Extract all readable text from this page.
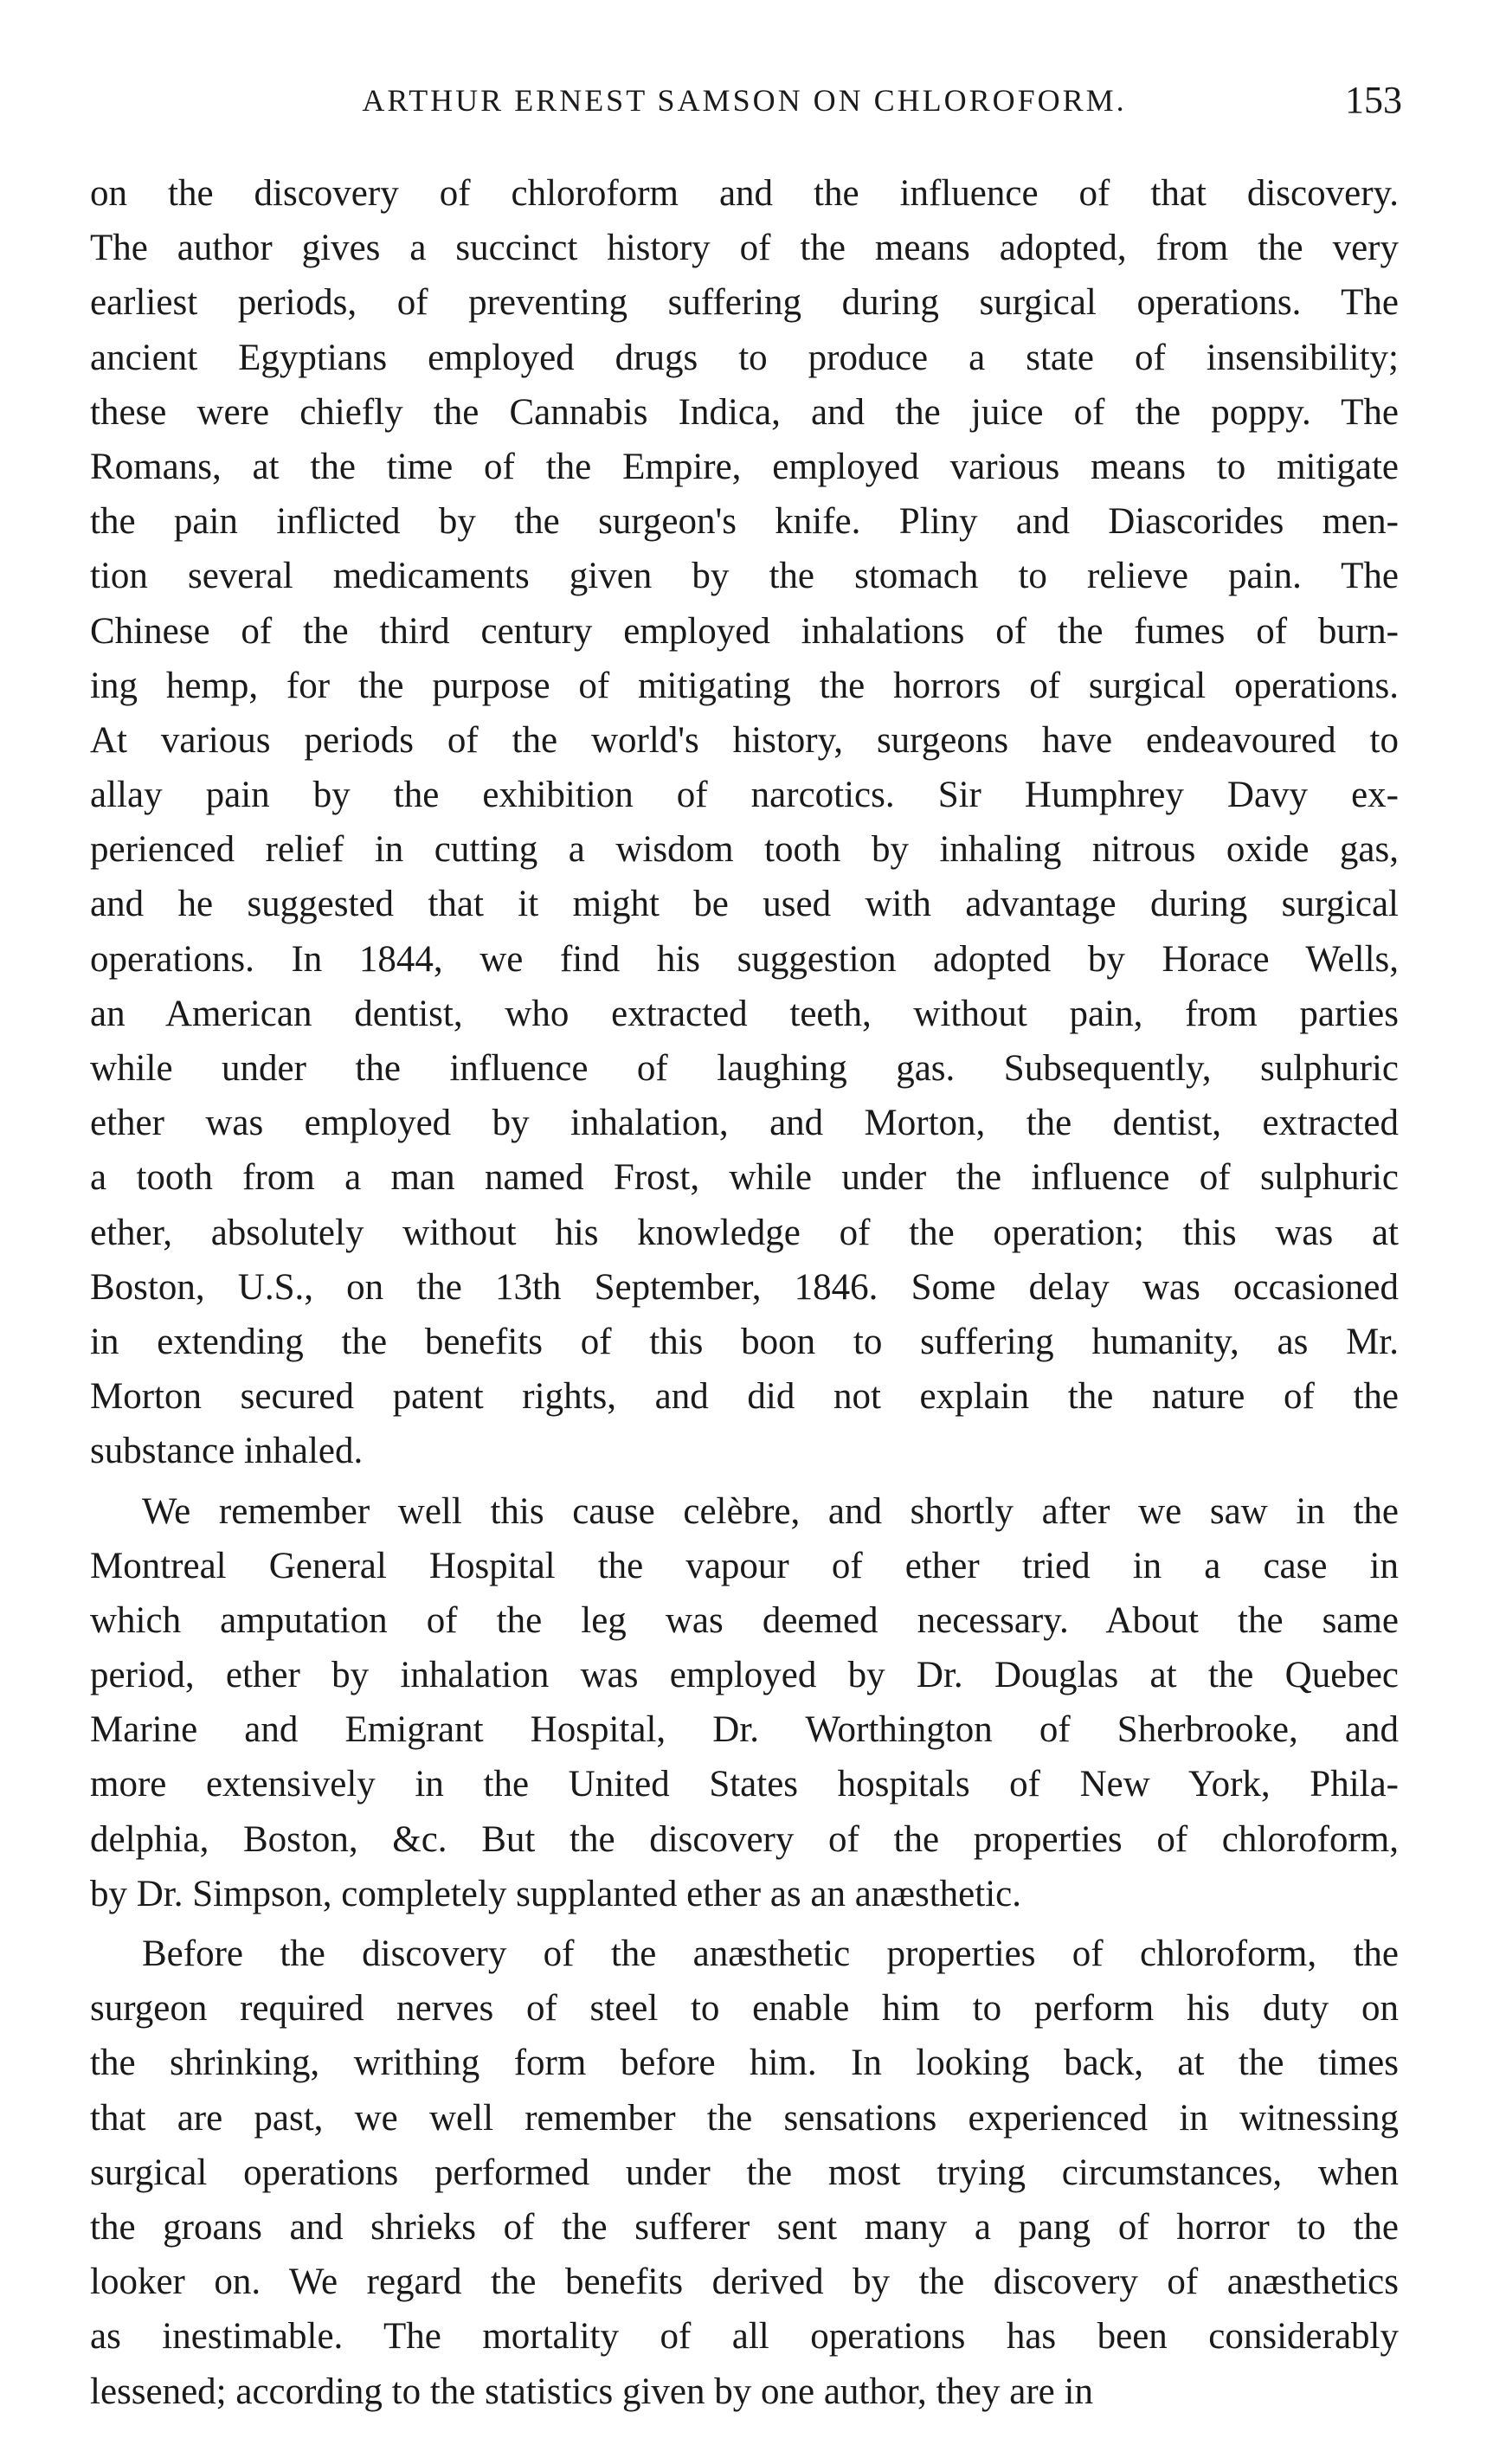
ARTHUR ERNEST SAMSON ON CHLOROFORM.	153
on the discovery of chloroform and the influence of that discovery.
The author gives a succinct history of the means adopted, from the very
earliest periods, of preventing suffering during surgical operations. The
ancient Egyptians employed drugs to produce a state of insensibility;
these were chiefly the Cannabis Indica, and the juice of the poppy. The
Romans, at the time of the Empire, employed various means to mitigate
the pain inflicted by the surgeon's knife. Pliny and Diascorides men-
tion several medicaments given by the stomach to relieve pain. The
Chinese of the third century employed inhalations of the fumes of burn-
ing hemp, for the purpose of mitigating the horrors of surgical operations.
At various periods of the world's history, surgeons have endeavoured to
allay pain by the exhibition of narcotics. Sir Humphrey Davy ex-
perienced relief in cutting a wisdom tooth by inhaling nitrous oxide gas,
and he suggested that it might be used with advantage during surgical
operations. In 1844, we find his suggestion adopted by Horace Wells,
an American dentist, who extracted teeth, without pain, from parties
while under the influence of laughing gas. Subsequently, sulphuric
ether was employed by inhalation, and Morton, the dentist, extracted
a tooth from a man named Frost, while under the influence of sulphuric
ether, absolutely without his knowledge of the operation; this was at
Boston, U.S., on the 13th September, 1846. Some delay was occasioned
in extending the benefits of this boon to suffering humanity, as Mr.
Morton secured patent rights, and did not explain the nature of the
substance inhaled.
We remember well this cause celèbre, and shortly after we saw in the
Montreal General Hospital the vapour of ether tried in a case in
which amputation of the leg was deemed necessary. About the same
period, ether by inhalation was employed by Dr. Douglas at the Quebec
Marine and Emigrant Hospital, Dr. Worthington of Sherbrooke, and
more extensively in the United States hospitals of New York, Phila-
delphia, Boston, &c. But the discovery of the properties of chloroform,
by Dr. Simpson, completely supplanted ether as an anæsthetic.
Before the discovery of the anæsthetic properties of chloroform, the
surgeon required nerves of steel to enable him to perform his duty on
the shrinking, writhing form before him. In looking back, at the times
that are past, we well remember the sensations experienced in witnessing
surgical operations performed under the most trying circumstances, when
the groans and shrieks of the sufferer sent many a pang of horror to the
looker on. We regard the benefits derived by the discovery of anæsthetics
as inestimable. The mortality of all operations has been considerably
lessened; according to the statistics given by one author, they are in
